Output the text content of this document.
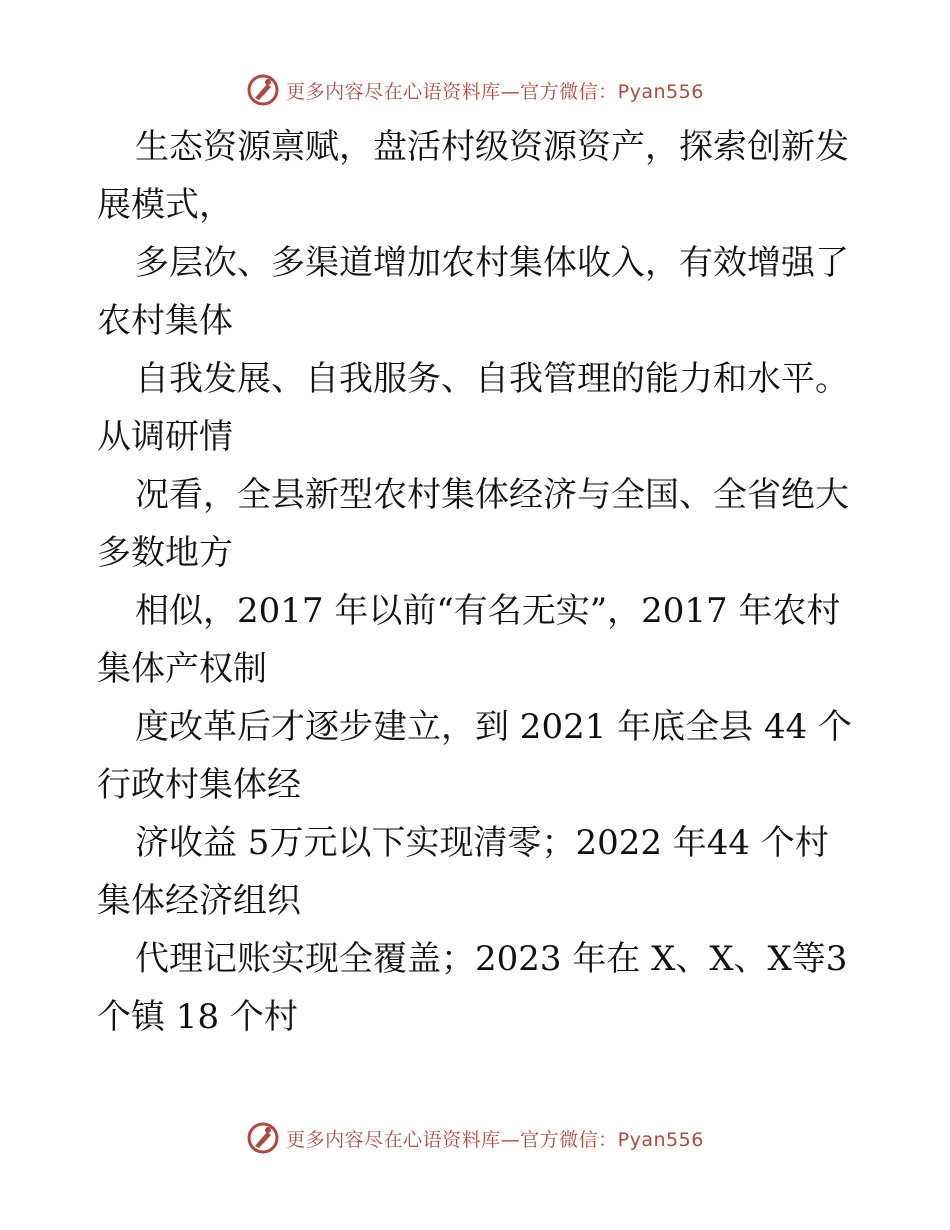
更多内容尽在心语资料库—官方微信：Pyan556

生态资源禀赋，盘活村级资源资产，探索创新发

展模式，

多层次、多渠道增加农村集体收入，有效增强了

农村集体

自我发展、自我服务、自我管理的能力和水平。

从调研情

况看，全县新型农村集体经济与全国、全省绝大

多数地方

相似，2017 年以前“有名无实”，2017 年农村

集体产权制

度改革后才逐步建立，到 2021 年底全县 44 个

行政村集体经

济收益 5万元以下实现清零；2022 年44 个村

集体经济组织

代理记账实现全覆盖；2023 年在 X、X、X等3

个镇 18 个村

更多内容尽在心语资料库—官方微信：Pyan556
